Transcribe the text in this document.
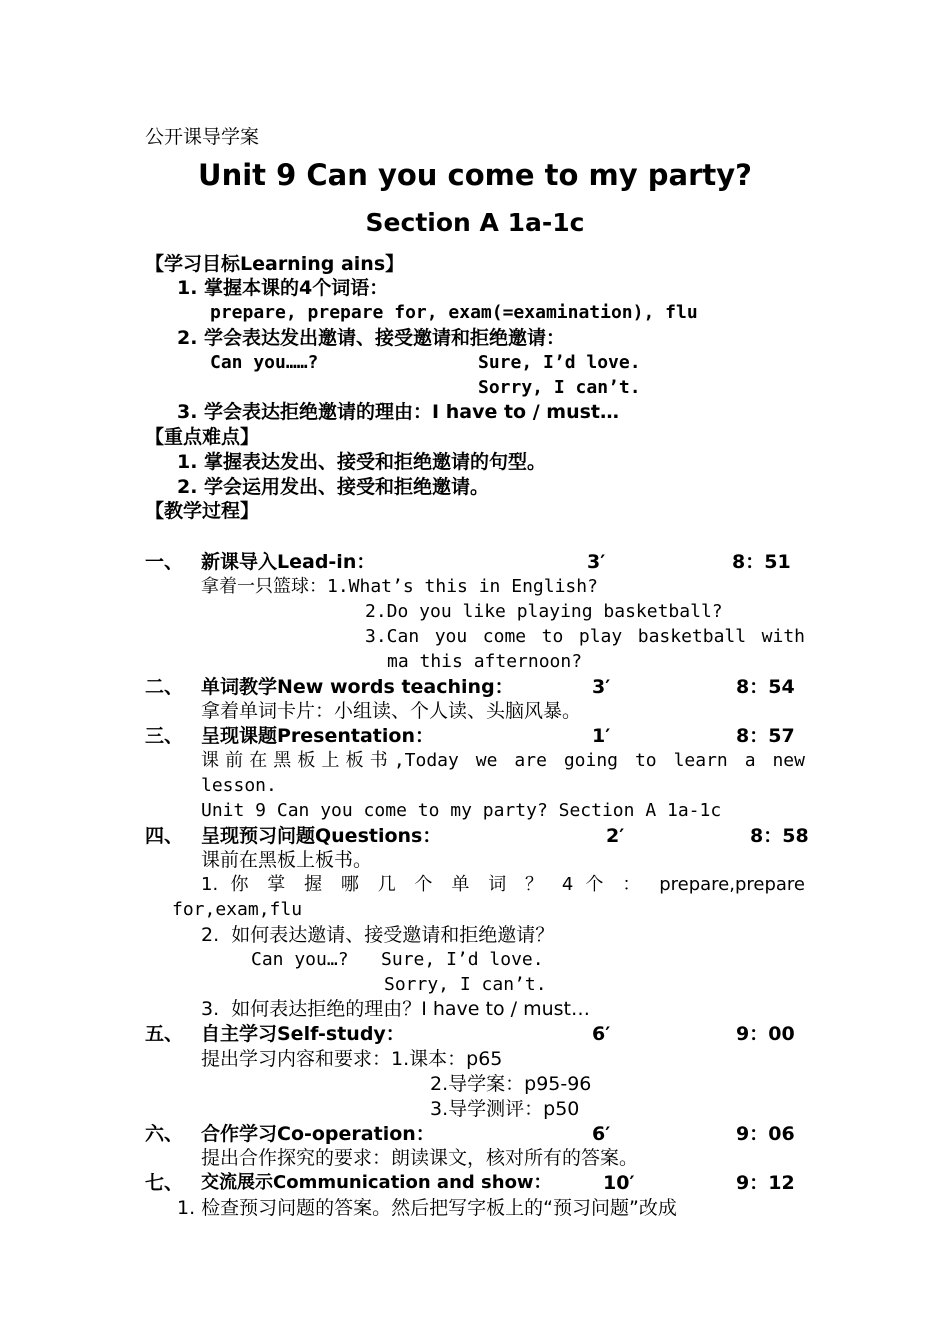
公开课导学案
Unit 9 Can you come to my party?
Section A 1a-1c
【学习目标Learning ains】
1. 掌握本课的4个词语：
prepare, prepare for, exam(=examination), flu
2. 学会表达发出邀请、接受邀请和拒绝邀请：
Can you……?	Sure, I’d love.
Sorry, I can’t.
3. 学会表达拒绝邀请的理由：I have to / must…
【重点难点】
1. 掌握表达发出、接受和拒绝邀请的句型。
2. 学会运用发出、接受和拒绝邀请。
【教学过程】
一、 新课导入Lead-in：	3′	8：51
拿着一只篮球：1.What’s this in English?
2.Do you like playing basketball?
3.Can you come to play basketball with
ma this afternoon?
二、 单词教学New words teaching：	3′	8：54
拿着单词卡片：小组读、个人读、头脑风暴。
三、 呈现课题Presentation：	1′	8：57
课前在黑板上板书,Today we are going to learn a new
lesson.
Unit 9 Can you come to my party? Section A 1a-1c
四、 呈现预习问题Questions：	2′	8：58
课前在黑板上板书。
1. 你 掌 握 哪 几 个 单 词 ？ 4 个 ： prepare,prepare
for,exam,flu
2.  如何表达邀请、接受邀请和拒绝邀请？
Can you…?   Sure, I’d love.
Sorry, I can’t.
3.  如何表达拒绝的理由？I have to / must…
五、 自主学习Self-study：	6′	9：00
提出学习内容和要求：1.课本：p65
2.导学案：p95-96
3.导学测评：p50
六、 合作学习Co-operation：	6′	9：06
提出合作探究的要求：朗读课文，核对所有的答案。
七、 交流展示Communication and show：	10′	9：12
1. 检查预习问题的答案。然后把写字板上的“预习问题”改成
